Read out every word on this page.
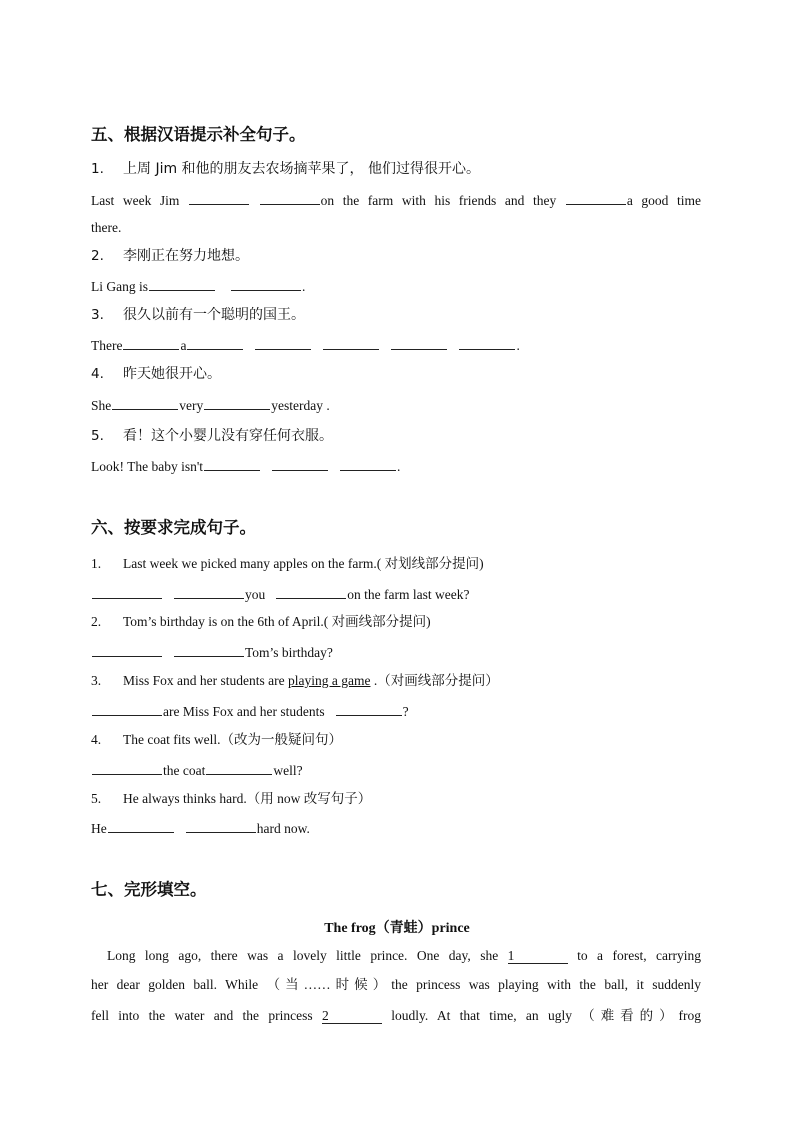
五、根据汉语提示补全句子。
1. 上周 Jim 和他的朋友去农场摘苹果了， 他们过得很开心。
Last week Jim	on the farm with his friends and they	a good time
there.
2. 李刚正在努力地想。
Li Gang is	.
3. 很久以前有一个聪明的国王。
There	a	.
4. 昨天她很开心。
She	very	yesterday .
5. 看！这个小婴儿没有穿任何衣服。
Look! The baby isn't	.
六、按要求完成句子。
1. Last week we picked many apples on the farm.( 对划线部分提问)
you	on the farm last week?
2. Tom’s birthday is on the 6th of April.( 对画线部分提问)
Tom’s birthday?
3. Miss Fox and her students are playing a game .（对画线部分提问）
are Miss Fox and her students	?
4. The coat fits well.（改为一般疑问句）
the coat	well?
5. He always thinks hard.（用 now 改写句子）
He	hard now.
七、完形填空。
The frog（青蛙）prince
Long long ago, there was a lovely little prince. One day, she 1	to a forest, carrying
her dear golden ball. While （当……时候）the princess was playing with the ball, it suddenly
fell into the water and the princess 2	loudly. At that time, an ugly （难看的）frog
